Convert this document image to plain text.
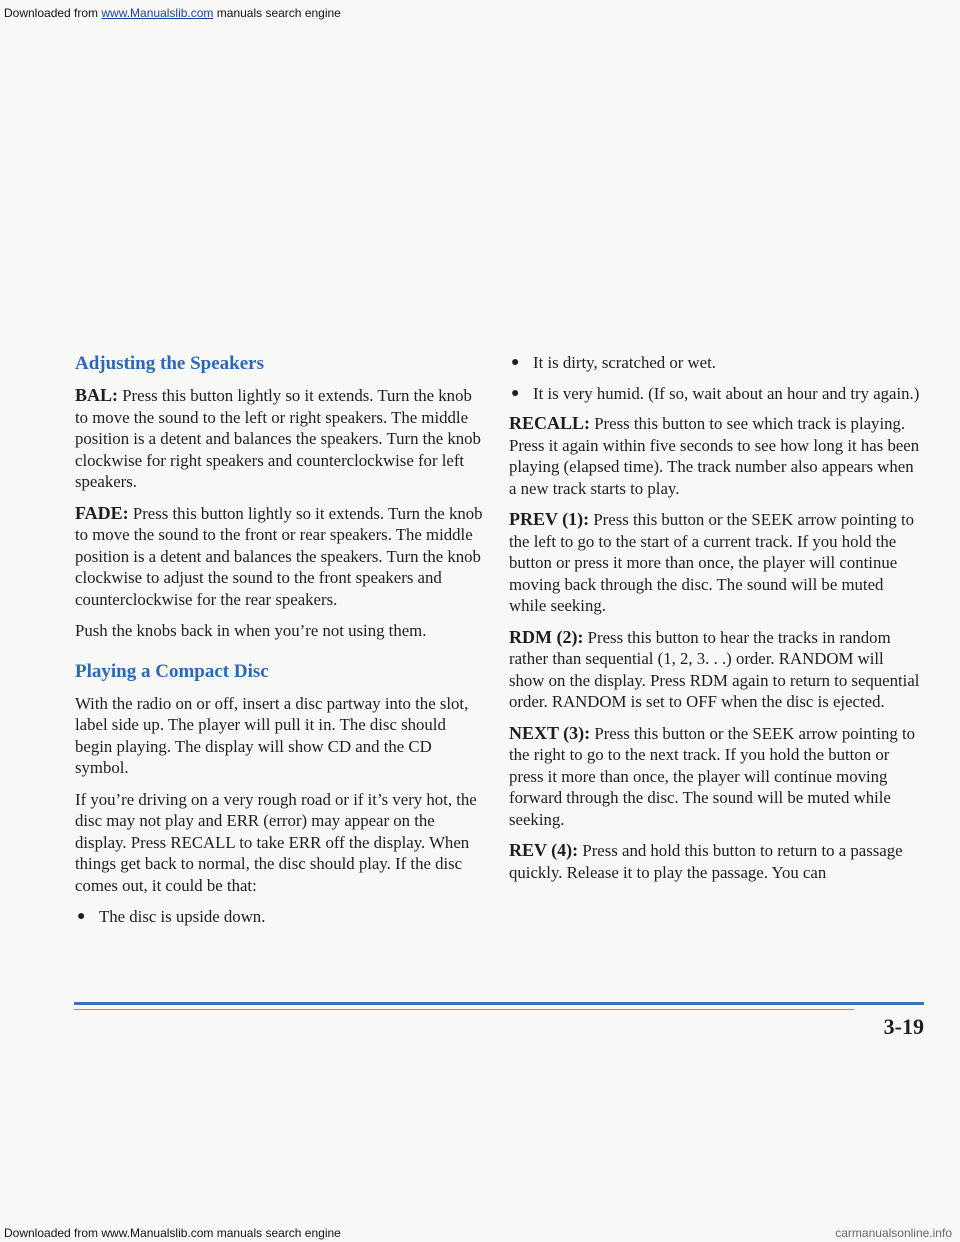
Downloaded from www.Manualslib.com manuals search engine
Adjusting the Speakers

BAL: Press this button lightly so it extends. Turn the knob to move the sound to the left or right speakers. The middle position is a detent and balances the speakers. Turn the knob clockwise for right speakers and counterclockwise for left speakers.

FADE: Press this button lightly so it extends. Turn the knob to move the sound to the front or rear speakers. The middle position is a detent and balances the speakers. Turn the knob clockwise to adjust the sound to the front speakers and counterclockwise for the rear speakers.

Push the knobs back in when you’re not using them.

Playing a Compact Disc

With the radio on or off, insert a disc partway into the slot, label side up. The player will pull it in. The disc should begin playing. The display will show CD and the CD symbol.

If you’re driving on a very rough road or if it’s very hot, the disc may not play and ERR (error) may appear on the display. Press RECALL to take ERR off the display. When things get back to normal, the disc should play. If the disc comes out, it could be that:

● The disc is upside down.
● It is dirty, scratched or wet.
● It is very humid. (If so, wait about an hour and try again.)

RECALL: Press this button to see which track is playing. Press it again within five seconds to see how long it has been playing (elapsed time). The track number also appears when a new track starts to play.

PREV (1): Press this button or the SEEK arrow pointing to the left to go to the start of a current track. If you hold the button or press it more than once, the player will continue moving back through the disc. The sound will be muted while seeking.

RDM (2): Press this button to hear the tracks in random rather than sequential (1, 2, 3. . .) order. RANDOM will show on the display. Press RDM again to return to sequential order. RANDOM is set to OFF when the disc is ejected.

NEXT (3): Press this button or the SEEK arrow pointing to the right to go to the next track. If you hold the button or press it more than once, the player will continue moving forward through the disc. The sound will be muted while seeking.

REV (4): Press and hold this button to return to a passage quickly. Release it to play the passage. You can

3-19
Downloaded from www.Manualslib.com manuals search engine	carmanualsonline.info
